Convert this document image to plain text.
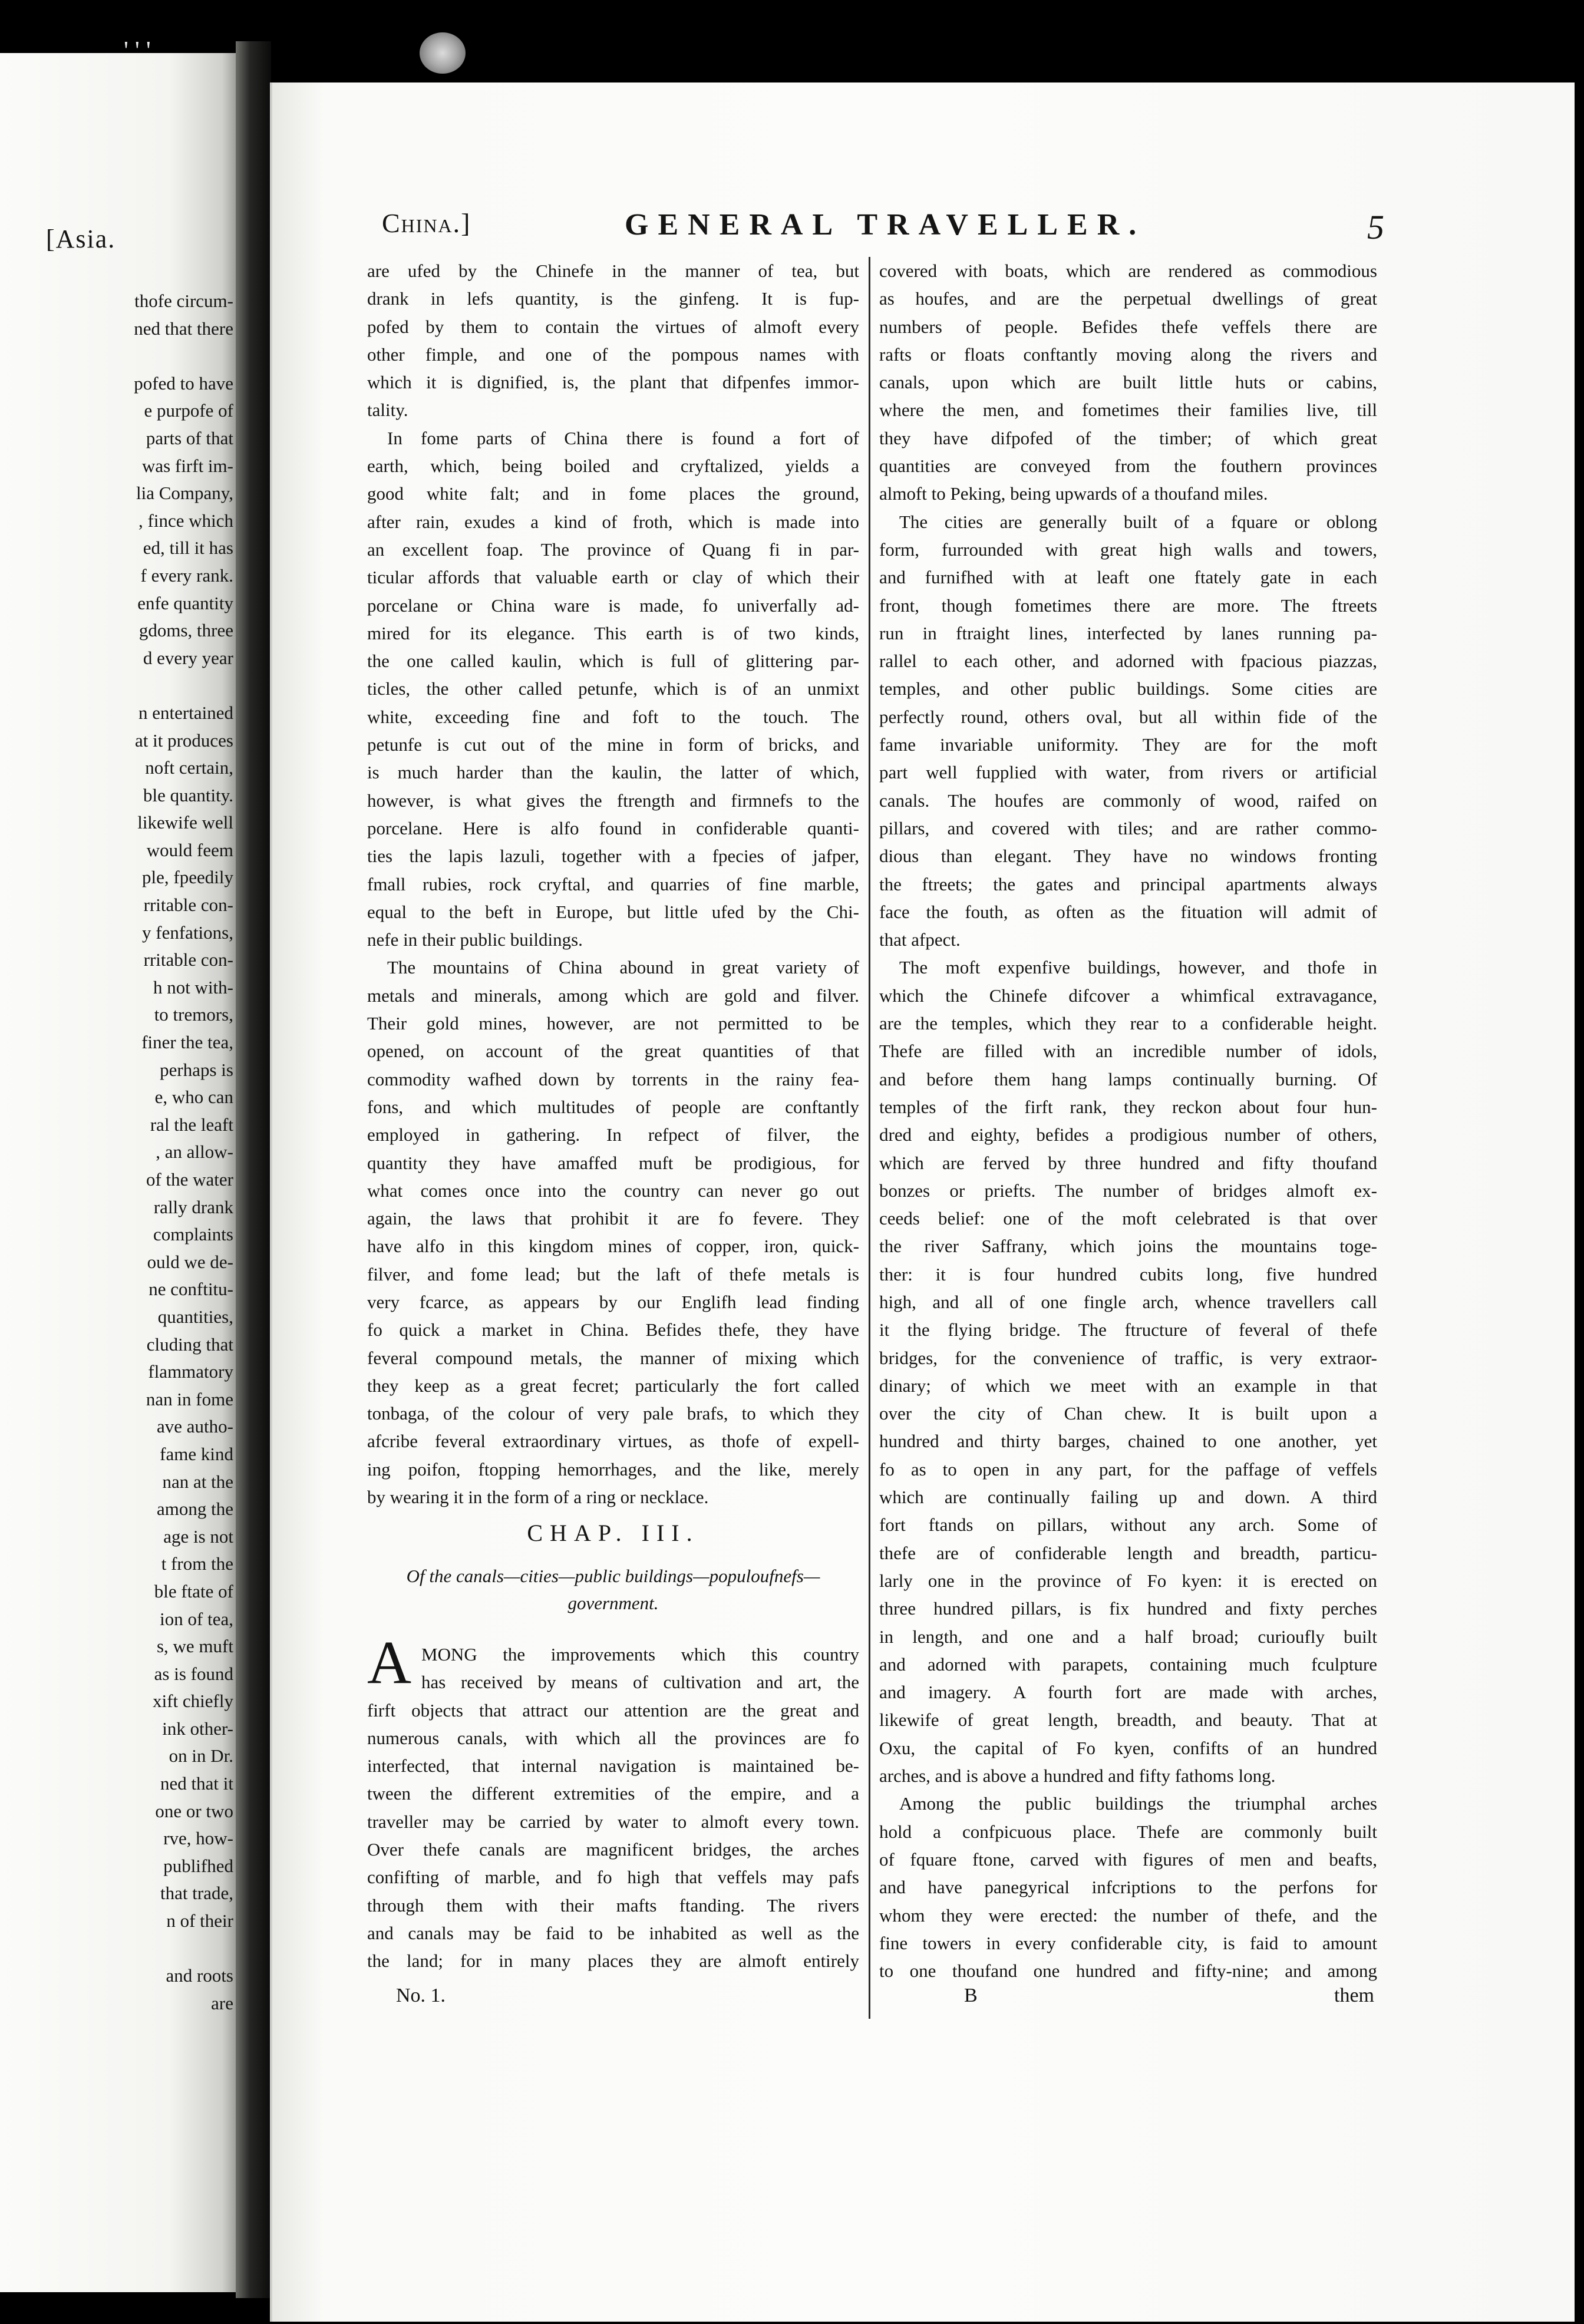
[Asia.
thofe circum-
ned that there
pofed to have
e purpofe of
parts of that
was firft im-
lia Company,
, fince which
ed, till it has
f every rank.
enfe quantity
gdoms, three
d every year
n entertained
at it produces
noft certain,
ble quantity.
likewife well
would feem
ple, fpeedily
rritable con-
y fenfations,
rritable con-
h not with-
to tremors,
finer the tea,
perhaps is
e, who can
ral the leaft
, an allow-
of the water
rally drank
complaints
ould we de-
ne conftitu-
quantities,
cluding that
flammatory
nan in fome
ave autho-
fame kind
nan at the
among the
age is not
t from the
ble ftate of
ion of tea,
s, we muft
as is found
xift chiefly
ink other-
on in Dr.
ned that it
one or two
rve, how-
publifhed
that trade,
n of their
and roots
are
' ' '
China.]	GENERAL TRAVELLER.	5
are ufed by the Chinefe in the manner of tea, but
drank in lefs quantity, is the ginfeng. It is fup-
pofed by them to contain the virtues of almoft every
other fimple, and one of the pompous names with
which it is dignified, is, the plant that difpenfes immor-
tality.
In fome parts of China there is found a fort of
earth, which, being boiled and cryftalized, yields a
good white falt; and in fome places the ground,
after rain, exudes a kind of froth, which is made into
an excellent foap. The province of Quang fi in par-
ticular affords that valuable earth or clay of which their
porcelane or China ware is made, fo univerfally ad-
mired for its elegance. This earth is of two kinds,
the one called kaulin, which is full of glittering par-
ticles, the other called petunfe, which is of an unmixt
white, exceeding fine and foft to the touch. The
petunfe is cut out of the mine in form of bricks, and
is much harder than the kaulin, the latter of which,
however, is what gives the ftrength and firmnefs to the
porcelane. Here is alfo found in confiderable quanti-
ties the lapis lazuli, together with a fpecies of jafper,
fmall rubies, rock cryftal, and quarries of fine marble,
equal to the beft in Europe, but little ufed by the Chi-
nefe in their public buildings.
The mountains of China abound in great variety of
metals and minerals, among which are gold and filver.
Their gold mines, however, are not permitted to be
opened, on account of the great quantities of that
commodity wafhed down by torrents in the rainy fea-
fons, and which multitudes of people are conftantly
employed in gathering. In refpect of filver, the
quantity they have amaffed muft be prodigious, for
what comes once into the country can never go out
again, the laws that prohibit it are fo fevere. They
have alfo in this kingdom mines of copper, iron, quick-
filver, and fome lead; but the laft of thefe metals is
very fcarce, as appears by our Englifh lead finding
fo quick a market in China. Befides thefe, they have
feveral compound metals, the manner of mixing which
they keep as a great fecret; particularly the fort called
tonbaga, of the colour of very pale brafs, to which they
afcribe feveral extraordinary virtues, as thofe of expell-
ing poifon, ftopping hemorrhages, and the like, merely
by wearing it in the form of a ring or necklace.
covered with boats, which are rendered as commodious
as houfes, and are the perpetual dwellings of great
numbers of people. Befides thefe veffels there are
rafts or floats conftantly moving along the rivers and
canals, upon which are built little huts or cabins,
where the men, and fometimes their families live, till
they have difpofed of the timber; of which great
quantities are conveyed from the fouthern provinces
almoft to Peking, being upwards of a thoufand miles.
The cities are generally built of a fquare or oblong
form, furrounded with great high walls and towers,
and furnifhed with at leaft one ftately gate in each
front, though fometimes there are more. The ftreets
run in ftraight lines, interfected by lanes running pa-
rallel to each other, and adorned with fpacious piazzas,
temples, and other public buildings. Some cities are
perfectly round, others oval, but all within fide of the
fame invariable uniformity. They are for the moft
part well fupplied with water, from rivers or artificial
canals. The houfes are commonly of wood, raifed on
pillars, and covered with tiles; and are rather commo-
dious than elegant. They have no windows fronting
the ftreets; the gates and principal apartments always
face the fouth, as often as the fituation will admit of
that afpect.
The moft expenfive buildings, however, and thofe in
which the Chinefe difcover a whimfical extravagance,
are the temples, which they rear to a confiderable height.
Thefe are filled with an incredible number of idols,
and before them hang lamps continually burning. Of
temples of the firft rank, they reckon about four hun-
dred and eighty, befides a prodigious number of others,
which are ferved by three hundred and fifty thoufand
bonzes or priefts. The number of bridges almoft ex-
ceeds belief: one of the moft celebrated is that over
the river Saffrany, which joins the mountains toge-
ther: it is four hundred cubits long, five hundred
high, and all of one fingle arch, whence travellers call
it the flying bridge. The ftructure of feveral of thefe
bridges, for the convenience of traffic, is very extraor-
dinary; of which we meet with an example in that
over the city of Chan chew. It is built upon a
hundred and thirty barges, chained to one another, yet
fo as to open in any part, for the paffage of veffels
which are continually failing up and down. A third
fort ftands on pillars, without any arch. Some of
thefe are of confiderable length and breadth, particu-
larly one in the province of Fo kyen: it is erected on
three hundred pillars, is fix hundred and fixty perches
in length, and one and a half broad; curioufly built
and adorned with parapets, containing much fculpture
and imagery. A fourth fort are made with arches,
likewife of great length, breadth, and beauty. That at
Oxu, the capital of Fo kyen, confifts of an hundred
arches, and is above a hundred and fifty fathoms long.
Among the public buildings the triumphal arches
hold a confpicuous place. Thefe are commonly built
of fquare ftone, carved with figures of men and beafts,
and have panegyrical infcriptions to the perfons for
whom they were erected: the number of thefe, and the
fine towers in every confiderable city, is faid to amount
to one thoufand one hundred and fifty-nine; and among
CHAP. III.
Of the canals—cities—public buildings—populoufnefs—
government.
A MONG the improvements which this country
has received by means of cultivation and art, the
firft objects that attract our attention are the great and
numerous canals, with which all the provinces are fo
interfected, that internal navigation is maintained be-
tween the different extremities of the empire, and a
traveller may be carried by water to almoft every town.
Over thefe canals are magnificent bridges, the arches
confifting of marble, and fo high that veffels may pafs
through them with their mafts ftanding. The rivers
and canals may be faid to be inhabited as well as the
the land; for in many places they are almoft entirely
No. 1.	B	them
